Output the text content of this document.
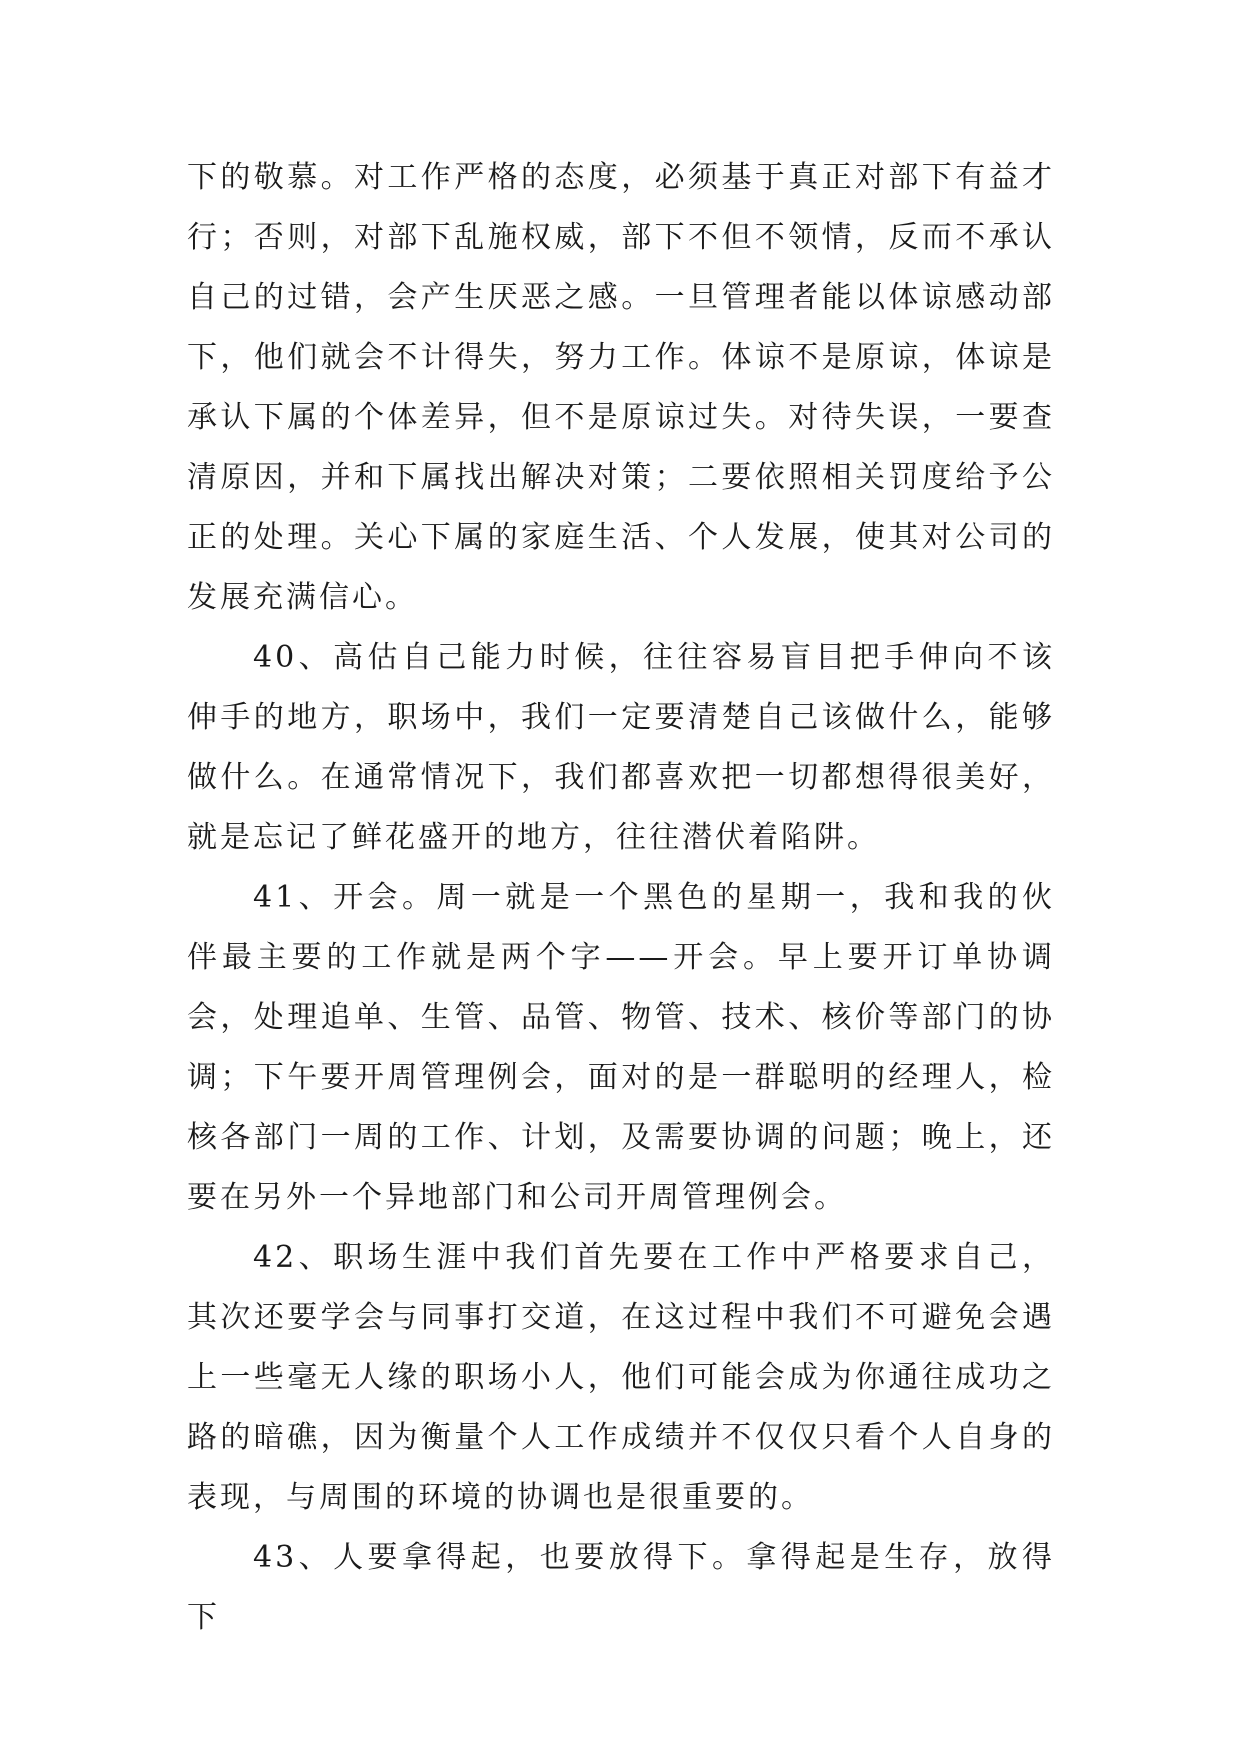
下的敬慕。对工作严格的态度，必须基于真正对部下有益才行；否则，对部下乱施权威，部下不但不领情，反而不承认自己的过错，会产生厌恶之感。一旦管理者能以体谅感动部下，他们就会不计得失，努力工作。体谅不是原谅，体谅是承认下属的个体差异，但不是原谅过失。对待失误，一要查清原因，并和下属找出解决对策；二要依照相关罚度给予公正的处理。关心下属的家庭生活、个人发展，使其对公司的发展充满信心。

40、高估自己能力时候，往往容易盲目把手伸向不该伸手的地方，职场中，我们一定要清楚自己该做什么，能够做什么。在通常情况下，我们都喜欢把一切都想得很美好，就是忘记了鲜花盛开的地方，往往潜伏着陷阱。

41、开会。周一就是一个黑色的星期一，我和我的伙伴最主要的工作就是两个字——开会。早上要开订单协调会，处理追单、生管、品管、物管、技术、核价等部门的协调；下午要开周管理例会，面对的是一群聪明的经理人，检核各部门一周的工作、计划，及需要协调的问题；晚上，还要在另外一个异地部门和公司开周管理例会。

42、职场生涯中我们首先要在工作中严格要求自己，其次还要学会与同事打交道，在这过程中我们不可避免会遇上一些毫无人缘的职场小人，他们可能会成为你通往成功之路的暗礁，因为衡量个人工作成绩并不仅仅只看个人自身的表现，与周围的环境的协调也是很重要的。

43、人要拿得起，也要放得下。拿得起是生存，放得下
